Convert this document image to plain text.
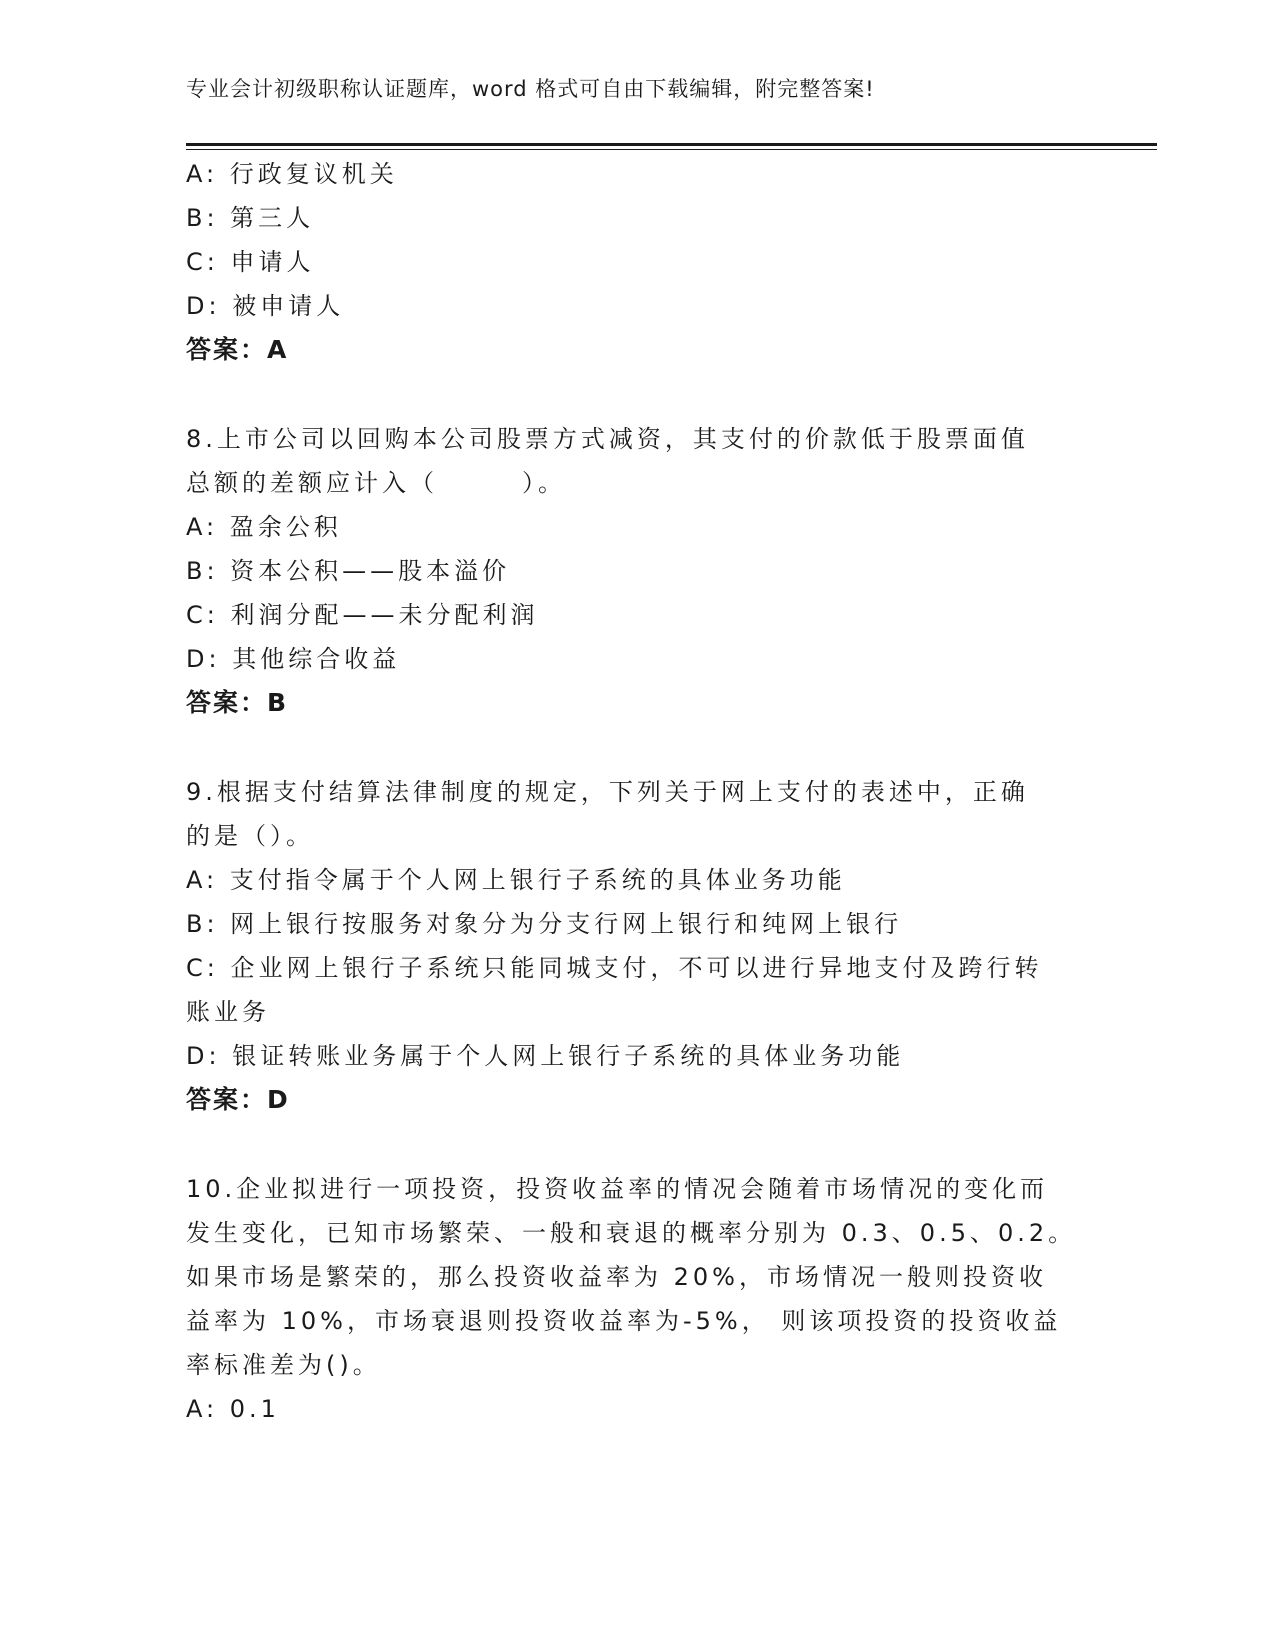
专业会计初级职称认证题库，word 格式可自由下载编辑，附完整答案!
A: 行政复议机关
B: 第三人
C: 申请人
D: 被申请人
答案：A
8.上市公司以回购本公司股票方式减资，其支付的价款低于股票面值
总额的差额应计入（　　　）。
A: 盈余公积
B: 资本公积——股本溢价
C: 利润分配——未分配利润
D: 其他综合收益
答案：B
9.根据支付结算法律制度的规定，下列关于网上支付的表述中，正确
的是（）。
A: 支付指令属于个人网上银行子系统的具体业务功能
B: 网上银行按服务对象分为分支行网上银行和纯网上银行
C: 企业网上银行子系统只能同城支付，不可以进行异地支付及跨行转
账业务
D: 银证转账业务属于个人网上银行子系统的具体业务功能
答案：D
10.企业拟进行一项投资，投资收益率的情况会随着市场情况的变化而
发生变化，已知市场繁荣、一般和衰退的概率分别为 0.3、0.5、0.2。
如果市场是繁荣的，那么投资收益率为 20%，市场情况一般则投资收
益率为 10%，市场衰退则投资收益率为-5%， 则该项投资的投资收益
率标准差为()。
A: 0.1
